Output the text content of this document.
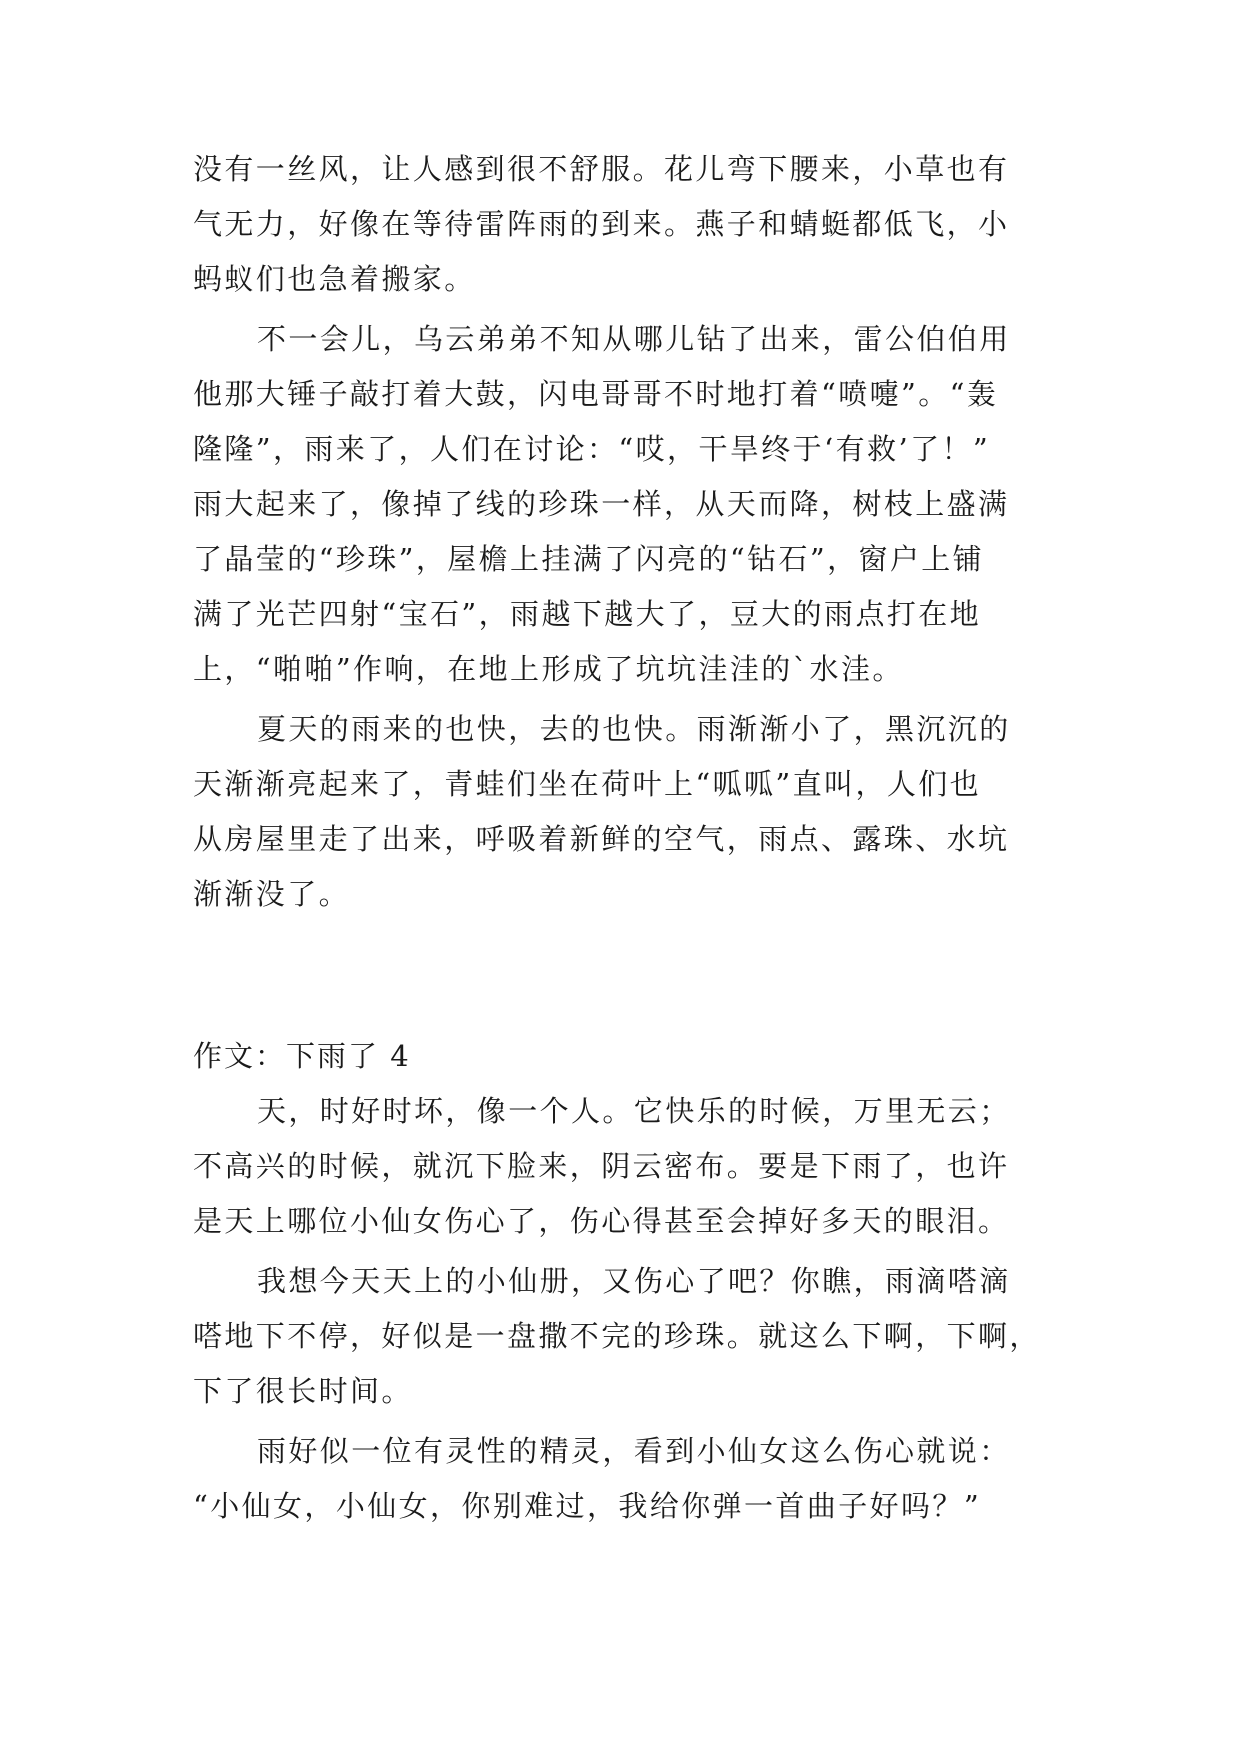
没有一丝风，让人感到很不舒服。花儿弯下腰来，小草也有
气无力，好像在等待雷阵雨的到来。燕子和蜻蜓都低飞，小
蚂蚁们也急着搬家。
不一会儿，乌云弟弟不知从哪儿钻了出来，雷公伯伯用
他那大锤子敲打着大鼓，闪电哥哥不时地打着“喷嚏”。“轰
隆隆”，雨来了，人们在讨论：“哎，干旱终于‘有救’了！”
雨大起来了，像掉了线的珍珠一样，从天而降，树枝上盛满
了晶莹的“珍珠”，屋檐上挂满了闪亮的“钻石”，窗户上铺
满了光芒四射“宝石”，雨越下越大了，豆大的雨点打在地
上，“啪啪”作响，在地上形成了坑坑洼洼的`水洼。
夏天的雨来的也快，去的也快。雨渐渐小了，黑沉沉的
天渐渐亮起来了，青蛙们坐在荷叶上“呱呱”直叫，人们也
从房屋里走了出来，呼吸着新鲜的空气，雨点、露珠、水坑
渐渐没了。
作文：下雨了 4
天，时好时坏，像一个人。它快乐的时候，万里无云；
不高兴的时候，就沉下脸来，阴云密布。要是下雨了，也许
是天上哪位小仙女伤心了，伤心得甚至会掉好多天的眼泪。
我想今天天上的小仙册，又伤心了吧？你瞧，雨滴嗒滴
嗒地下不停，好似是一盘撒不完的珍珠。就这么下啊，下啊，
下了很长时间。
雨好似一位有灵性的精灵，看到小仙女这么伤心就说：
“小仙女，小仙女，你别难过，我给你弹一首曲子好吗？”
